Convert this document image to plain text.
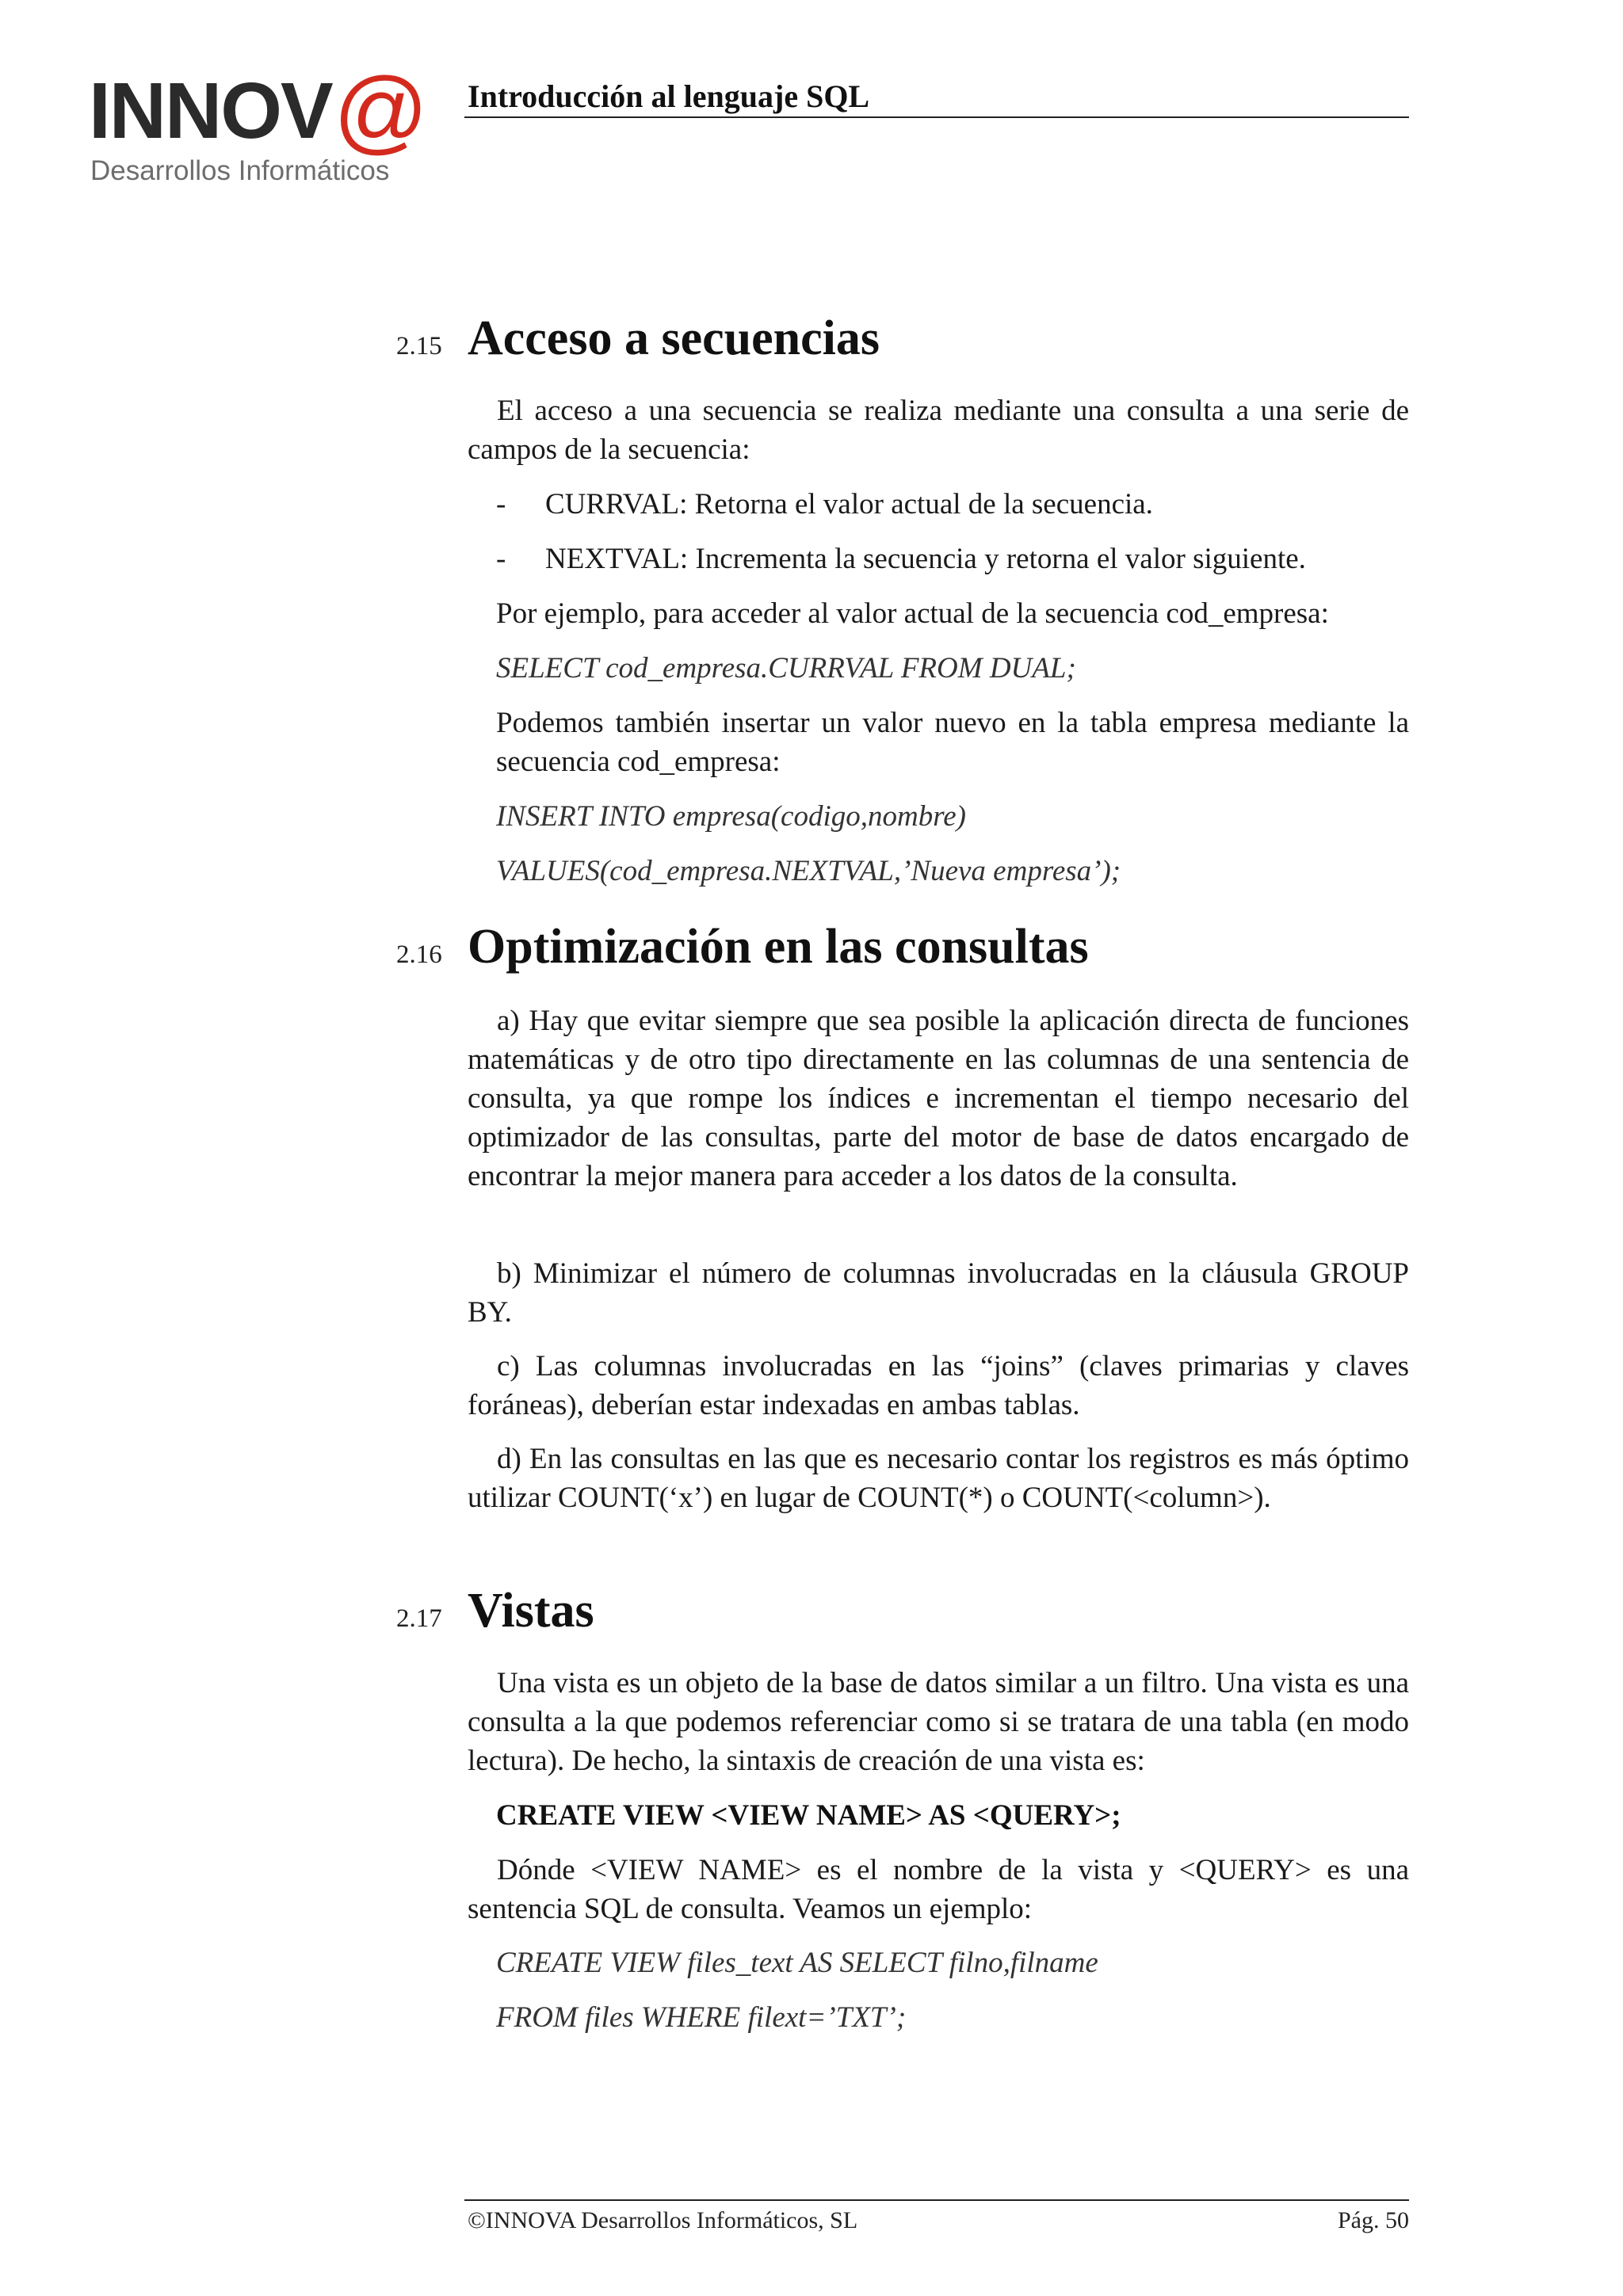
INNOV @
Desarrollos Informáticos
Introducción al lenguaje SQL
2.15 Acceso a secuencias
El acceso a una secuencia se realiza mediante una consulta a una serie de campos de la secuencia:
-	CURRVAL: Retorna el valor actual de la secuencia.
-	NEXTVAL: Incrementa la secuencia y retorna el valor siguiente.
Por ejemplo, para acceder al valor actual de la secuencia cod_empresa:
SELECT cod_empresa.CURRVAL FROM DUAL;
Podemos también insertar un valor nuevo en la tabla empresa mediante la secuencia cod_empresa:
INSERT INTO empresa(codigo,nombre)
VALUES(cod_empresa.NEXTVAL,’Nueva empresa’);
2.16 Optimización en las consultas
a) Hay que evitar siempre que sea posible la aplicación directa de funciones matemáticas y de otro tipo directamente en las columnas de una sentencia de consulta, ya que rompe los índices e incrementan el tiempo necesario del optimizador de las consultas, parte del motor de base de datos encargado de encontrar la mejor manera para acceder a los datos de la consulta.
b) Minimizar el número de columnas involucradas en la cláusula GROUP BY.
c) Las columnas involucradas en las “joins” (claves primarias y claves foráneas), deberían estar indexadas en ambas tablas.
d) En las consultas en las que es necesario contar los registros es más óptimo utilizar COUNT(‘x’) en lugar de COUNT(*) o COUNT(<column>).
2.17 Vistas
Una vista es un objeto de la base de datos similar a un filtro. Una vista es una consulta a la que podemos referenciar como si se tratara de una tabla (en modo lectura). De hecho, la sintaxis de creación de una vista es:
CREATE VIEW <VIEW NAME> AS <QUERY>;
Dónde <VIEW NAME> es el nombre de la vista y <QUERY> es una sentencia SQL de consulta. Veamos un ejemplo:
CREATE VIEW files_text AS SELECT filno,filname
FROM files WHERE filext=’TXT’;
©INNOVA Desarrollos Informáticos, SL	Pág. 50
